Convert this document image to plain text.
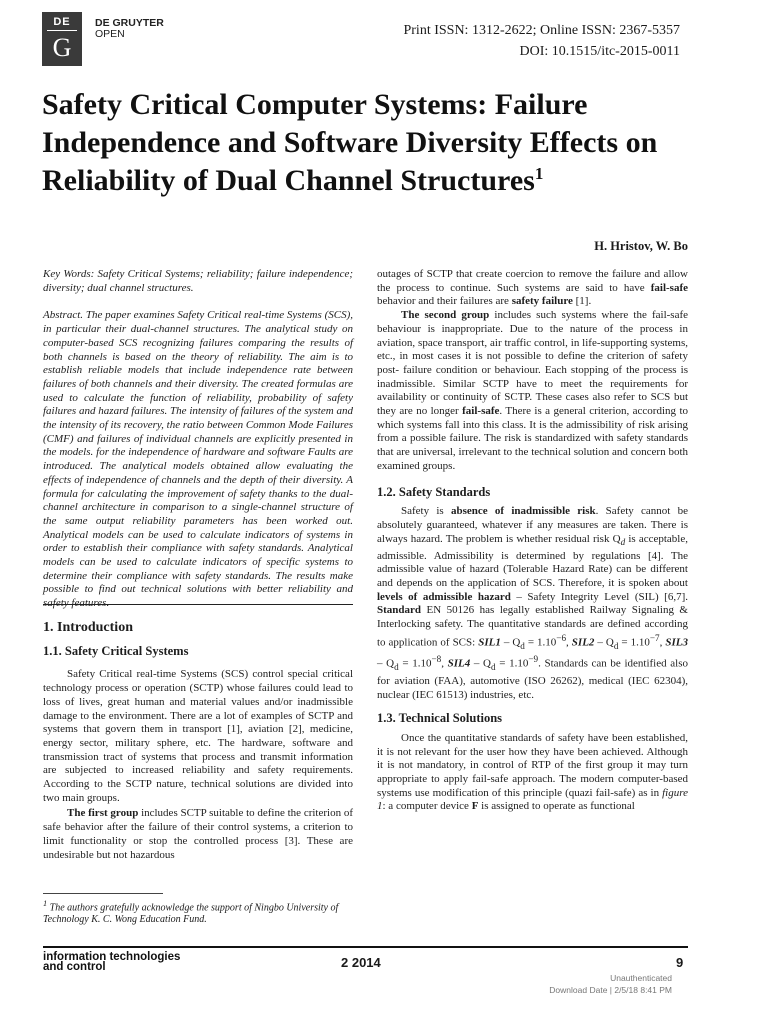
DE
G
DE GRUYTER
OPEN	Print ISSN: 1312-2622; Online ISSN: 2367-5357
DOI: 10.1515/itc-2015-0011
Safety Critical Computer Systems: Failure Independence and Software Diversity Effects on Reliability of Dual Channel Structures$^1$
H. Hristov, W. Bo

Key Words: Safety Critical Systems; reliability; failure independence; diversity; dual channel structures.

Abstract. The paper examines Safety Critical real-time Systems (SCS), in particular their dual-channel structures. The analytical study on computer-based SCS recognizing failures comparing the results of both channels is based on the theory of reliability. The aim is to establish reliable models that include independence rate between failures of both channels and their diversity. The created formulas are used to calculate the function of reliability, probability of safety failures and hazard failures. The intensity of failures of the system and the intensity of its recovery, the ratio between Common Mode Failures (CMF) and failures of individual channels are explicitly presented in the models. for the independence of hardware and software Faults are introduced. The analytical models obtained allow evaluating the effects of independence of channels and the depth of their diversity. A formula for calculating the improvement of safety thanks to the dual-channel architecture in comparison to a single-channel structure of the same output reliability parameters has been worked out. Analytical models can be used to calculate indicators of systems in order to establish their compliance with safety standards. Analytical models can be used to calculate indicators of specific systems to determine their compliance with safety standards. The results make possible to find out technical solutions with better reliability and safety features.

1. Introduction

1.1. Safety Critical Systems

Safety Critical real-time Systems (SCS) control special critical technology process or operation (SCTP) whose failures could lead to loss of lives, great human and material values and/or inadmissible damage to the environment. There are a lot of examples of SCTP and systems that govern them in transport [1], aviation [2], medicine, energy sector, military sphere, etc. The hardware, software and transmission tract of systems that process and transmit information are subjected to increased reliability and safety requirements. According to the SCTP nature, technical solutions are divided into two main groups.

The first group includes SCTP suitable to define the criterion of safe behavior after the failure of their control systems, a criterion to limit functionality or stop the controlled process [3]. These are undesirable but not hazardous

$^1$ The authors gratefully acknowledge the support of Ningbo University of Technology K. C. Wong Education Fund.

outages of SCTP that create coercion to remove the failure and allow the process to continue. Such systems are said to have fail-safe behavior and their failures are safety failure [1].

The second group includes such systems where the fail-safe behaviour is inappropriate. Due to the nature of the process in aviation, space transport, air traffic control, in life-supporting systems, etc., in most cases it is not possible to define the criterion of safety post- failure condition or behaviour. Each stopping of the process is inadmissible. Similar SCTP have to meet the requirements for availability or continuity of SCTP. These cases also refer to SCS but they are no longer fail-safe. There is a general criterion, according to which systems fall into this class. It is the admissibility of risk arising from a possible failure. The risk is standardized with safety standards that are universal, irrelevant to the technical solution and concern both examined groups.

1.2. Safety Standards

Safety is absence of inadmissible risk. Safety cannot be absolutely guaranteed, whatever if any measures are taken. There is always hazard. The problem is whether residual risk $Q_d$ is acceptable, admissible. Admissibility is determined by regulations [4]. The admissible value of hazard (Tolerable Hazard Rate) can be different and depends on the application of SCS. Therefore, it is spoken about levels of admissible hazard – Safety Integrity Level (SIL) [6,7]. Standard EN 50126 has legally established Railway Signaling & Interlocking safety. The quantitative standards are defined according to application of SCS: $SIL1 - Q_d = 1.10^{-6}$, $SIL2 - Q_d = 1.10^{-7}$, $SIL3 - Q_d = 1.10^{-8}$, $SIL4 - Q_d = 1.10^{-9}$. Standards can be identified also for aviation (FAA), automotive (ISO 26262), medical (IEC 62304), nuclear (IEC 61513) industries, etc.

1.3. Technical Solutions

Once the quantitative standards of safety have been established, it is not relevant for the user how they have been achieved. Although it is not mandatory, in control of RTP of the first group it may turn appropriate to apply fail-safe approach. The modern computer-based systems use modification of this principle (quazi fail-safe) as in figure 1: a computer device F is assigned to operate as functional

information technologies
and control	2 2014	9
Unauthenticated
Download Date | 2/5/18 8:41 PM
